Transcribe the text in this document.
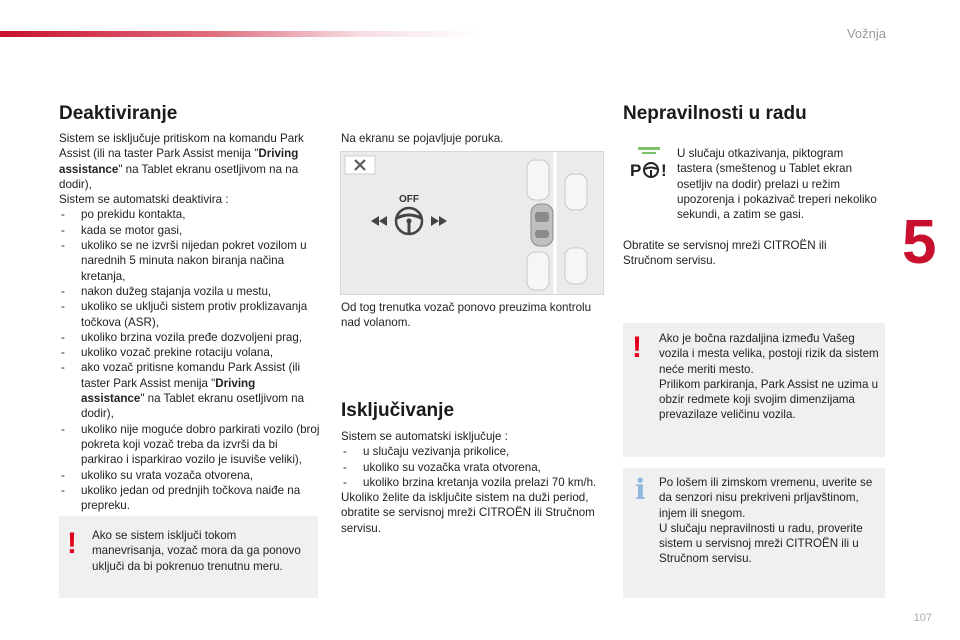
Vožnja
5
107
Deaktiviranje

Sistem se isključuje pritiskom na komandu Park Assist (ili na taster Park Assist menija "Driving assistance" na Tablet ekranu osetljivom na na dodir),

Sistem se automatski deaktivira :

- po prekidu kontakta,
- kada se motor gasi,
- ukoliko se ne izvrši nijedan pokret vozilom u narednih 5 minuta nakon biranja načina kretanja,
- nakon dužeg stajanja vozila u mestu,
- ukoliko se uključi sistem protiv proklizavanja točkova (ASR),
- ukoliko brzina vozila pređe dozvoljeni prag,
- ukoliko vozač prekine rotaciju volana,
- ako vozač pritisne komandu Park Assist (ili taster Park Assist menija "Driving assistance" na Tablet ekranu osetljivom na dodir),
- ukoliko nije moguće dobro parkirati vozilo (broj pokreta koji vozač treba da izvrši da bi parkirao i isparkirao vozilo je isuviše veliki),
- ukoliko su vrata vozača otvorena,
- ukoliko jedan od prednjih točkova naiđe na prepreku.
! Ako se sistem isključi tokom manevrisanja, vozač mora da ga ponovo uključi da bi pokrenuo trenutnu meru.
Na ekranu se pojavljuje poruka.
OFF
Od tog trenutka vozač ponovo preuzima kontrolu nad volanom.
Isključivanje

Sistem se automatski isključuje :

- u slučaju vezivanja prikolice,
- ukoliko su vozačka vrata otvorena,
- ukoliko brzina kretanja vozila prelazi 70 km/h.

Ukoliko želite da isključite sistem na duži period, obratite se servisnoj mreži CITROËN ili Stručnom servisu.

Nepravilnosti u radu
P !
U slučaju otkazivanja, piktogram tastera (smeštenog u Tablet ekran osetljiv na dodir) prelazi u režim upozorenja i pokazivač treperi nekoliko sekundi, a zatim se gasi.
Obratite se servisnoj mreži CITROËN ili Stručnom servisu.
! Ako je bočna razdaljina između Vašeg vozila i mesta velika, postoji rizik da sistem neće meriti mesto.
Prilikom parkiranja, Park Assist ne uzima u obzir redmete koji svojim dimenzijama prevazilaze veličinu vozila.
i Po lošem ili zimskom vremenu, uverite se da senzori nisu prekriveni prljavštinom, injem ili snegom.
U slučaju nepravilnosti u radu, proverite sistem u servisnoj mreži CITROËN ili u Stručnom servisu.
